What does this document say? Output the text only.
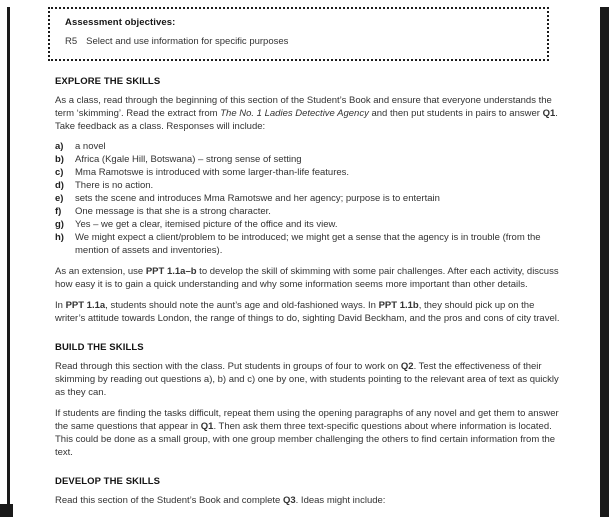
Assessment objectives:
R5 Select and use information for specific purposes
EXPLORE THE SKILLS

As a class, read through the beginning of this section of the Student’s Book and ensure that everyone understands the term ‘skimming’. Read the extract from The No. 1 Ladies Detective Agency and then put students in pairs to answer Q1. Take feedback as a class. Responses will include:

a)	a novel
b)	Africa (Kgale Hill, Botswana) – strong sense of setting
c)	Mma Ramotswe is introduced with some larger-than-life features.
d)	There is no action.
e)	sets the scene and introduces Mma Ramotswe and her agency; purpose is to entertain
f)	One message is that she is a strong character.
g)	Yes – we get a clear, itemised picture of the office and its view.
h)	We might expect a client/problem to be introduced; we might get a sense that the agency is in trouble (from the mention of assets and inventories).

As an extension, use PPT 1.1a–b to develop the skill of skimming with some pair challenges. After each activity, discuss how easy it is to gain a quick understanding and why some information seems more important than other details.

In PPT 1.1a, students should note the aunt’s age and old-fashioned ways. In PPT 1.1b, they should pick up on the writer’s attitude towards London, the range of things to do, sighting David Beckham, and the pros and cons of city travel.

BUILD THE SKILLS

Read through this section with the class. Put students in groups of four to work on Q2. Test the effectiveness of their skimming by reading out questions a), b) and c) one by one, with students pointing to the relevant area of text as quickly as they can.

If students are finding the tasks difficult, repeat them using the opening paragraphs of any novel and get them to answer the same questions that appear in Q1. Then ask them three text-specific questions about where information is located. This could be done as a small group, with one group member challenging the others to find certain information from the text.

DEVELOP THE SKILLS

Read this section of the Student’s Book and complete Q3. Ideas might include:
